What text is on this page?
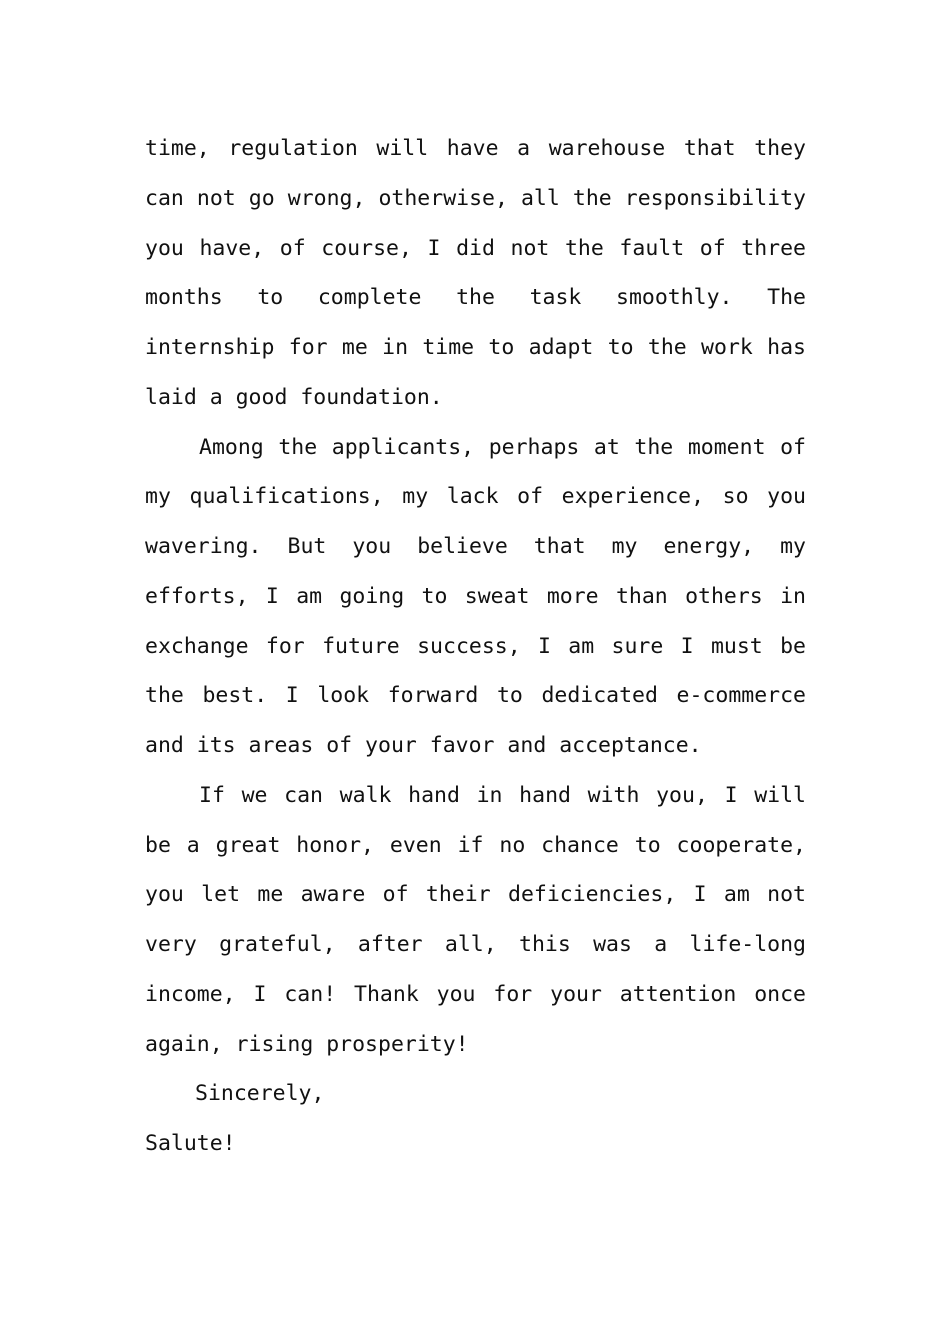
time, regulation will have a warehouse that they can not go wrong, otherwise, all the responsibility you have, of course, I did not the fault of three months to complete the task smoothly. The internship for me in time to adapt to the work has laid a good foundation.

Among the applicants, perhaps at the moment of my qualifications, my lack of experience, so you wavering. But you believe that my energy, my efforts, I am going to sweat more than others in exchange for future success, I am sure I must be the best. I look forward to dedicated e-commerce and its areas of your favor and acceptance.

If we can walk hand in hand with you, I will be a great honor, even if no chance to cooperate, you let me aware of their deficiencies, I am not very grateful, after all, this was a life-long income, I can! Thank you for your attention once again, rising prosperity!

Sincerely,

Salute!
